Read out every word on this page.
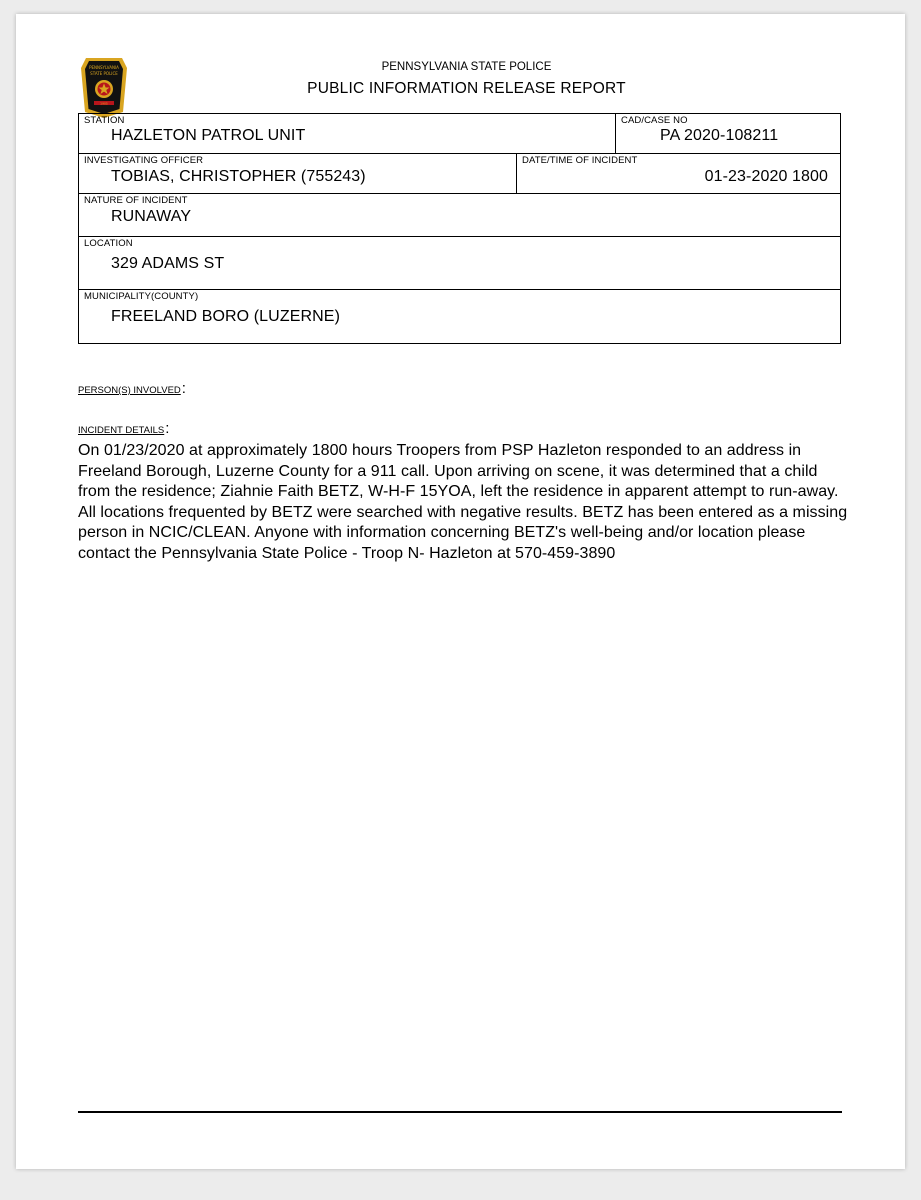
PENNSYLVANIA
STATE POLICE
1905
PENNSYLVANIA STATE POLICE
PUBLIC INFORMATION RELEASE REPORT
STATION
HAZLETON PATROL UNIT
CAD/CASE NO
PA 2020-108211
INVESTIGATING OFFICER
TOBIAS, CHRISTOPHER (755243)
DATE/TIME OF INCIDENT
01-23-2020 1800
NATURE OF INCIDENT
RUNAWAY
LOCATION
329 ADAMS ST
MUNICIPALITY(COUNTY)
FREELAND BORO (LUZERNE)
PERSON(S) INVOLVED:
INCIDENT DETAILS:
On 01/23/2020 at approximately 1800 hours Troopers from PSP Hazleton responded to an address in Freeland Borough, Luzerne County for a 911 call. Upon arriving on scene, it was determined that a child from the residence; Ziahnie Faith BETZ, W-H-F 15YOA, left the residence in apparent attempt to run-away. All locations frequented by BETZ were searched with negative results. BETZ has been entered as a missing person in NCIC/CLEAN. Anyone with information concerning BETZ's well-being and/or location please contact the Pennsylvania State Police - Troop N- Hazleton at 570-459-3890
